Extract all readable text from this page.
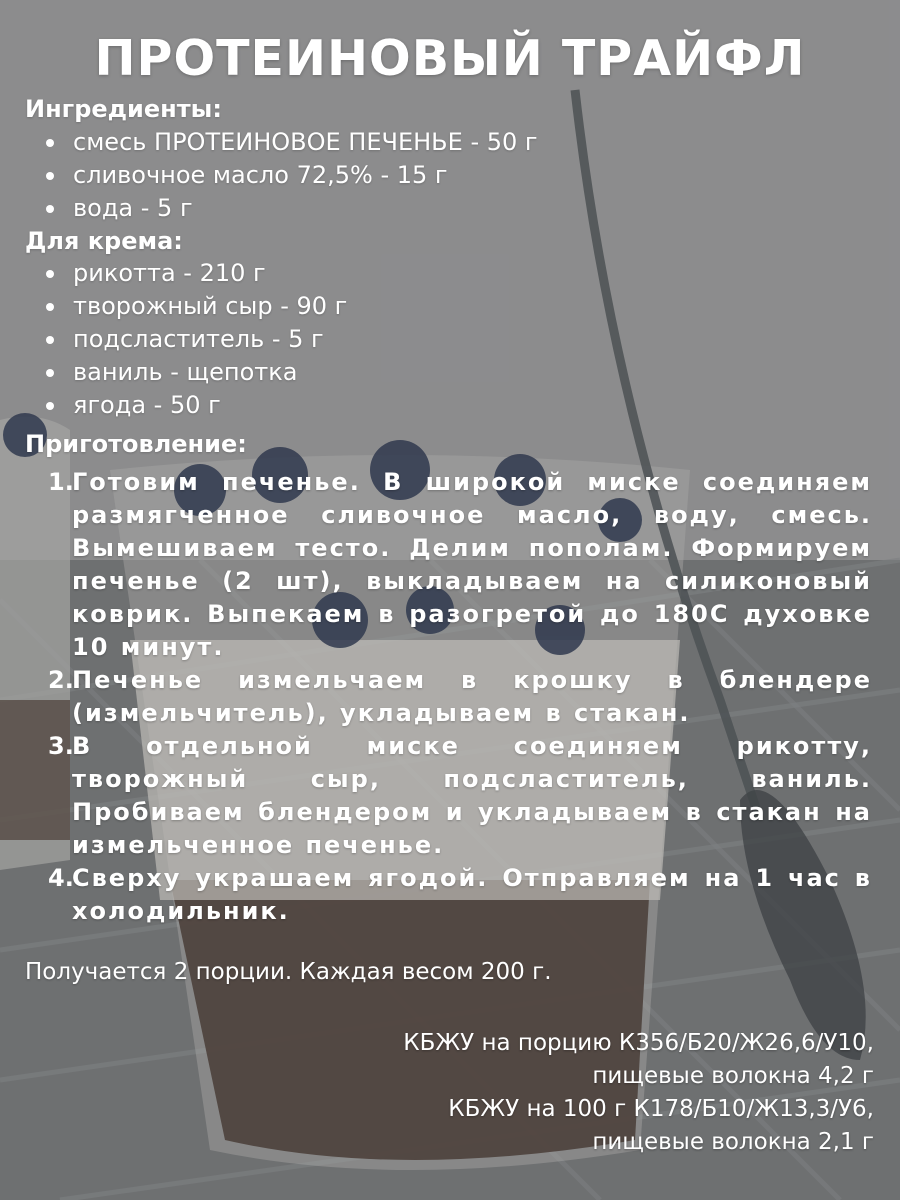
ПРОТЕИНОВЫЙ ТРАЙФЛ
Ингредиенты:
смесь ПРОТЕИНОВОЕ ПЕЧЕНЬЕ - 50 г
сливочное масло 72,5% - 15 г
вода - 5 г
Для крема:
рикотта - 210 г
творожный сыр - 90 г
подсластитель - 5 г
ваниль - щепотка
ягода - 50 г
Приготовление:
1.
Готовим печенье. В широкой миске соединяем размягченное сливочное масло, воду, смесь. Вымешиваем тесто. Делим пополам. Формируем печенье (2 шт), выкладываем на силиконовый коврик. Выпекаем в разогретой до 180С духовке 10 минут.
2.
Печенье измельчаем в крошку в блендере (измельчитель), укладываем в стакан.
3.
В отдельной миске соединяем рикотту, творожный сыр, подсластитель, ваниль. Пробиваем блендером и укладываем в стакан на измельченное печенье.
4.
Сверху украшаем ягодой. Отправляем на 1 час в холодильник.
Получается 2 порции. Каждая весом 200 г.
КБЖУ на порцию К356/Б20/Ж26,6/У10,
пищевые волокна 4,2 г
КБЖУ на 100 г К178/Б10/Ж13,3/У6,
пищевые волокна 2,1 г
